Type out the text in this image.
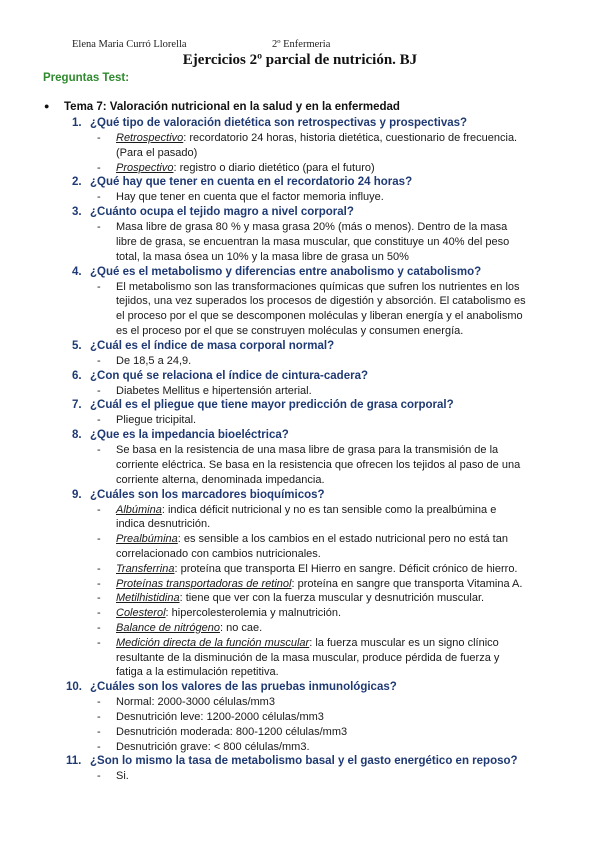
Elena Maria Curró Llorella	2º Enfermeria
Ejercicios 2º parcial de nutrición. BJ
Preguntas Test:
● Tema 7: Valoración nutricional en la salud y en la enfermedad
1. ¿Qué tipo de valoración dietética son retrospectivas y prospectivas?
- Retrospectivo: recordatorio 24 horas, historia dietética, cuestionario de frecuencia. (Para el pasado)
- Prospectivo: registro o diario dietético (para el futuro)
2. ¿Qué hay que tener en cuenta en el recordatorio 24 horas?
- Hay que tener en cuenta que el factor memoria influye.
3. ¿Cuánto ocupa el tejido magro a nivel corporal?
- Masa libre de grasa 80 % y masa grasa 20% (más o menos). Dentro de la masa libre de grasa, se encuentran la masa muscular, que constituye un 40% del peso total, la masa ósea un 10% y la masa libre de grasa un 50%
4. ¿Qué es el metabolismo y diferencias entre anabolismo y catabolismo?
- El metabolismo son las transformaciones químicas que sufren los nutrientes en los tejidos, una vez superados los procesos de digestión y absorción. El catabolismo es el proceso por el que se descomponen moléculas y liberan energía y el anabolismo es el proceso por el que se construyen moléculas y consumen energía.
5. ¿Cuál es el índice de masa corporal normal?
- De 18,5 a 24,9.
6. ¿Con qué se relaciona el índice de cintura-cadera?
- Diabetes Mellitus e hipertensión arterial.
7. ¿Cuál es el pliegue que tiene mayor predicción de grasa corporal?
- Pliegue tricipital.
8. ¿Que es la impedancia bioeléctrica?
- Se basa en la resistencia de una masa libre de grasa para la transmisión de la corriente eléctrica. Se basa en la resistencia que ofrecen los tejidos al paso de una corriente alterna, denominada impedancia.
9. ¿Cuáles son los marcadores bioquímicos?
- Albúmina: indica déficit nutricional y no es tan sensible como la prealbúmina e indica desnutrición.
- Prealbúmina: es sensible a los cambios en el estado nutricional pero no está tan correlacionado con cambios nutricionales.
- Transferrina: proteína que transporta El Hierro en sangre. Déficit crónico de hierro.
- Proteínas transportadoras de retinol: proteína en sangre que transporta Vitamina A.
- Metilhistidina: tiene que ver con la fuerza muscular y desnutrición muscular.
- Colesterol: hipercolesterolemia y malnutrición.
- Balance de nitrógeno: no cae.
- Medición directa de la función muscular: la fuerza muscular es un signo clínico resultante de la disminución de la masa muscular, produce pérdida de fuerza y fatiga a la estimulación repetitiva.
10. ¿Cuáles son los valores de las pruebas inmunológicas?
- Normal: 2000-3000 células/mm3
- Desnutrición leve: 1200-2000 células/mm3
- Desnutrición moderada: 800-1200 células/mm3
- Desnutrición grave: < 800 células/mm3.
11. ¿Son lo mismo la tasa de metabolismo basal y el gasto energético en reposo?
- Si.
